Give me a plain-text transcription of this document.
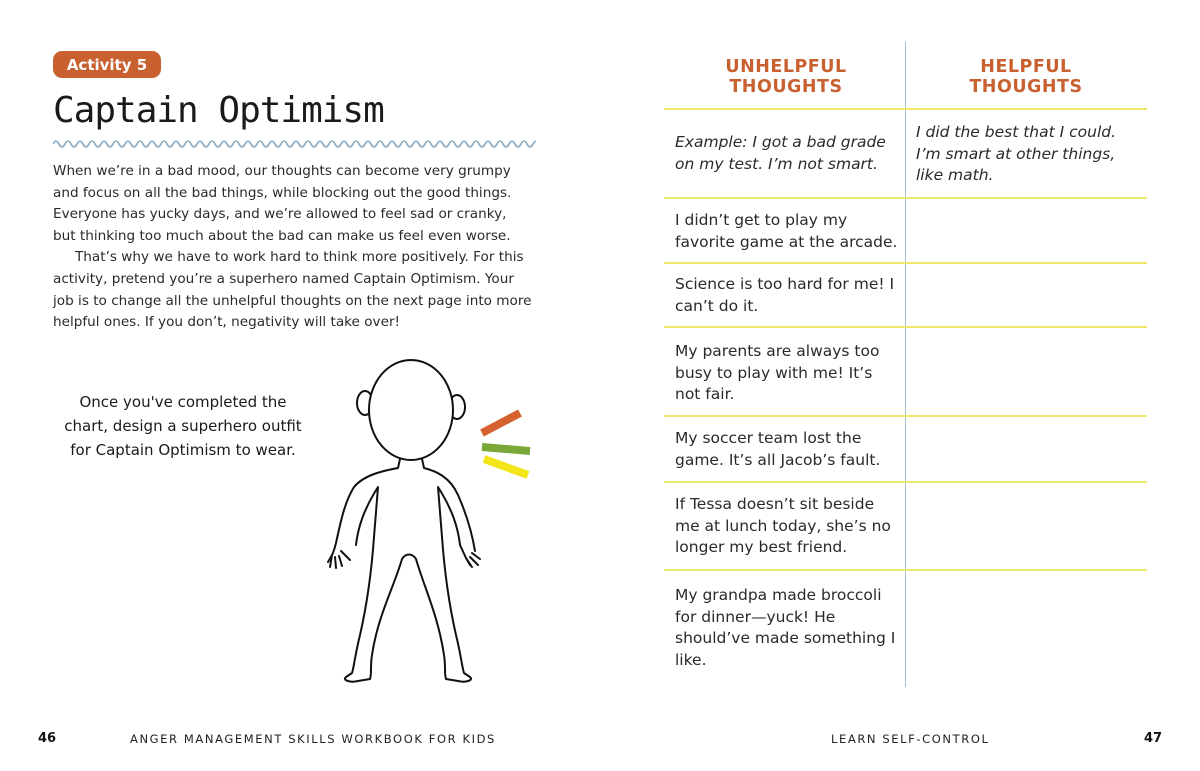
Activity 5
Captain Optimism

When we’re in a bad mood, our thoughts can become very grumpy and focus on all the bad things, while blocking out the good things. Everyone has yucky days, and we’re allowed to feel sad or cranky, but thinking too much about the bad can make us feel even worse.

That’s why we have to work hard to think more positively. For this activity, pretend you’re a superhero named Captain Optimism. Your job is to change all the unhelpful thoughts on the next page into more helpful ones. If you don’t, negativity will take over!

Once you've completed the chart, design a superhero outfit for Captain Optimism to wear.
46	ANGER MANAGEMENT SKILLS WORKBOOK FOR KIDS
UNHELPFUL THOUGHTS
HELPFUL THOUGHTS
Example: I got a bad grade on my test. I’m not smart.
I did the best that I could. I’m smart at other things, like math.
I didn’t get to play my favorite game at the arcade.
Science is too hard for me! I can’t do it.
My parents are always too busy to play with me! It’s not fair.
My soccer team lost the game. It’s all Jacob’s fault.
If Tessa doesn’t sit beside me at lunch today, she’s no longer my best friend.
My grandpa made broccoli for dinner—yuck! He should’ve made something I like.
LEARN SELF-CONTROL	47
